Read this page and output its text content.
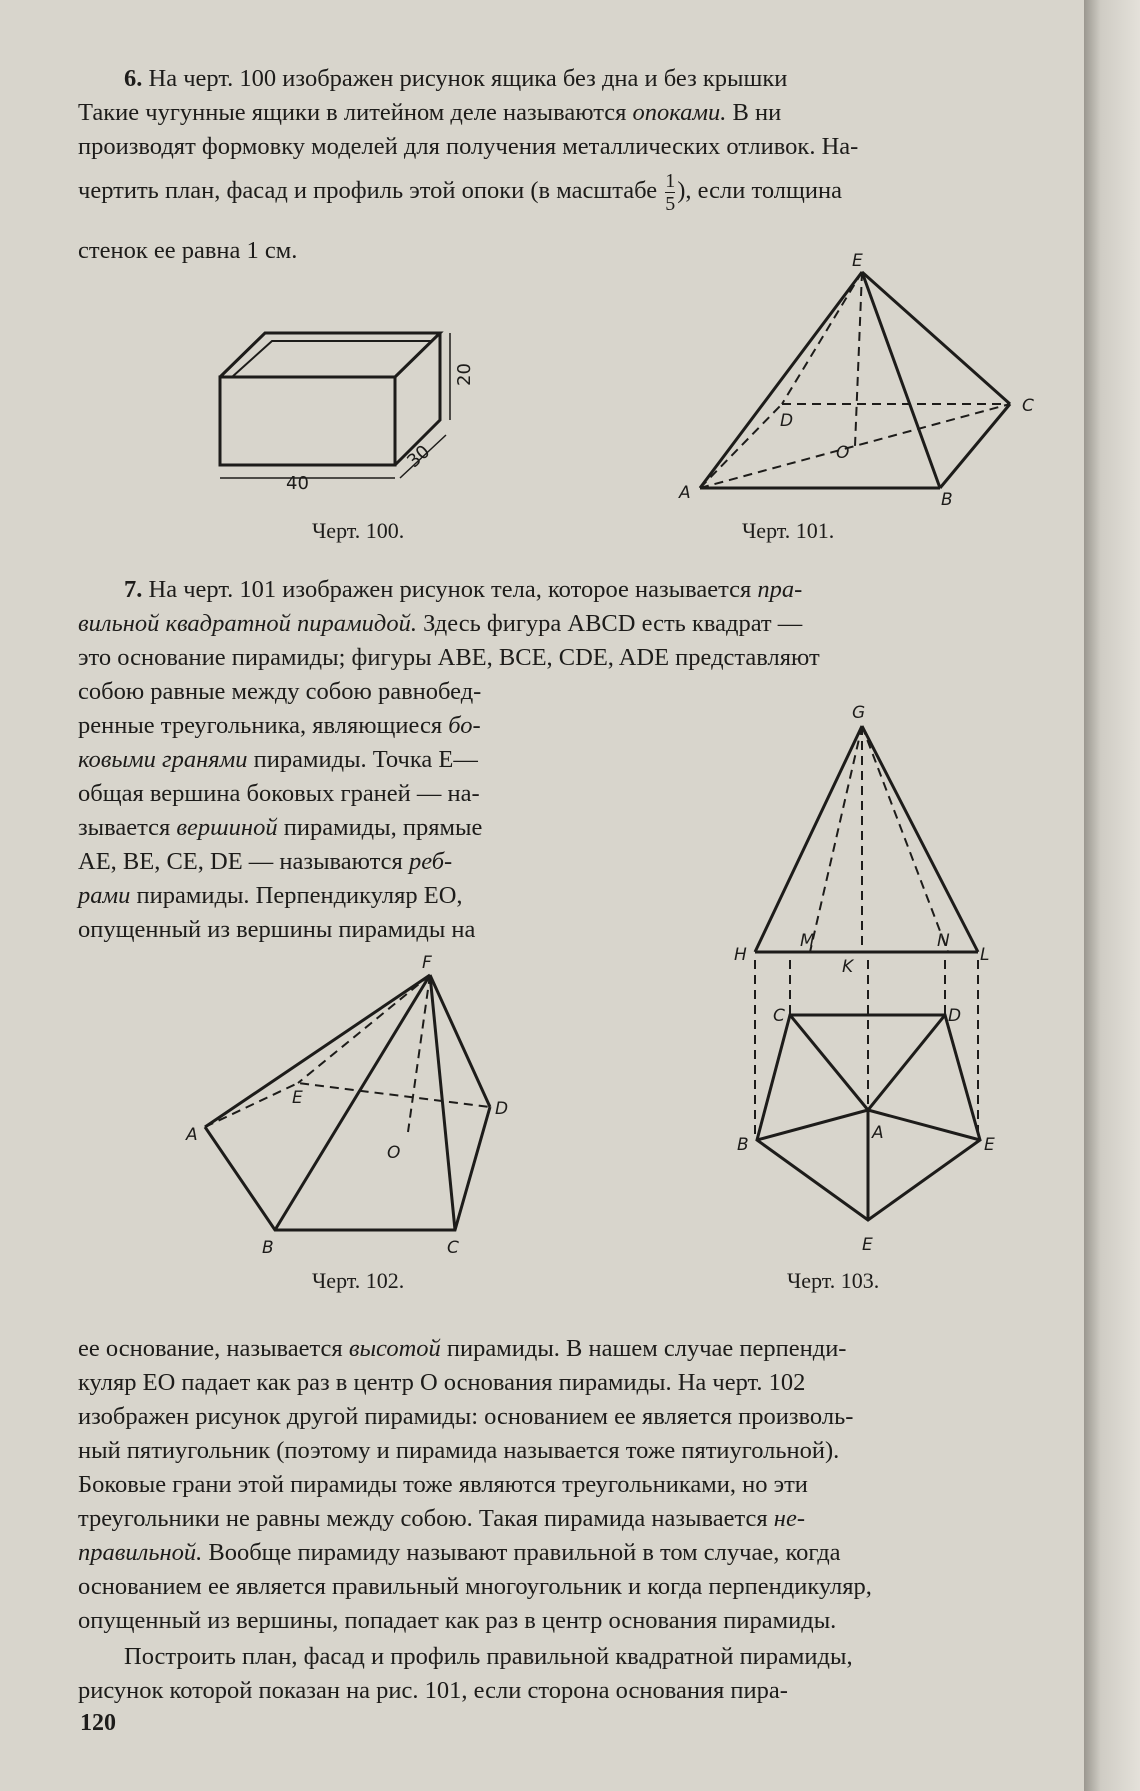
6. На черт. 100 изображен рисунок ящика без дна и без крышки
Такие чугунные ящики в литейном деле называются опоками. В ни
производят формовку моделей для получения металлических отливок. На-
чертить план, фасад и профиль этой опоки (в масштабе $\frac{1}{5}$ ), если толщина
стенок ее равна 1 см.
40
30
20
E
A	B
C
D
O
F
A
B	C
D
E
O
G
H
M
K
N
L
C	D
B
A
E
E
Черт. 100.	Черт. 101.
7. На черт. 101 изображен рисунок тела, которое называется пра-
вильной квадратной пирамидой. Здесь фигура ABCD есть квадрат —
это основание пирамиды; фигуры ABE, BCE, CDE, ADE представляют
собою равные между собою равнобед-
ренные треугольника, являющиеся бо-
ковыми гранями пирамиды. Точка E—
общая вершина боковых граней — на-
зывается вершиной пирамиды, прямые
AE, BE, CE, DE — называются реб-
рами пирамиды. Перпендикуляр EO,
опущенный из вершины пирамиды на
Черт. 102.	Черт. 103.
ее основание, называется высотой пирамиды. В нашем случае перпенди-
куляр EO падает как раз в центр O основания пирамиды. На черт. 102
изображен рисунок другой пирамиды: основанием ее является произволь-
ный пятиугольник (поэтому и пирамида называется тоже пятиугольной).
Боковые грани этой пирамиды тоже являются треугольниками, но эти
треугольники не равны между собою. Такая пирамида называется не-
правильной. Вообще пирамиду называют правильной в том случае, когда
основанием ее является правильный многоугольник и когда перпендикуляр,
опущенный из вершины, попадает как раз в центр основания пирамиды.
Построить план, фасад и профиль правильной квадратной пирамиды,
рисунок которой показан на рис. 101, если сторона основания пира-
120
